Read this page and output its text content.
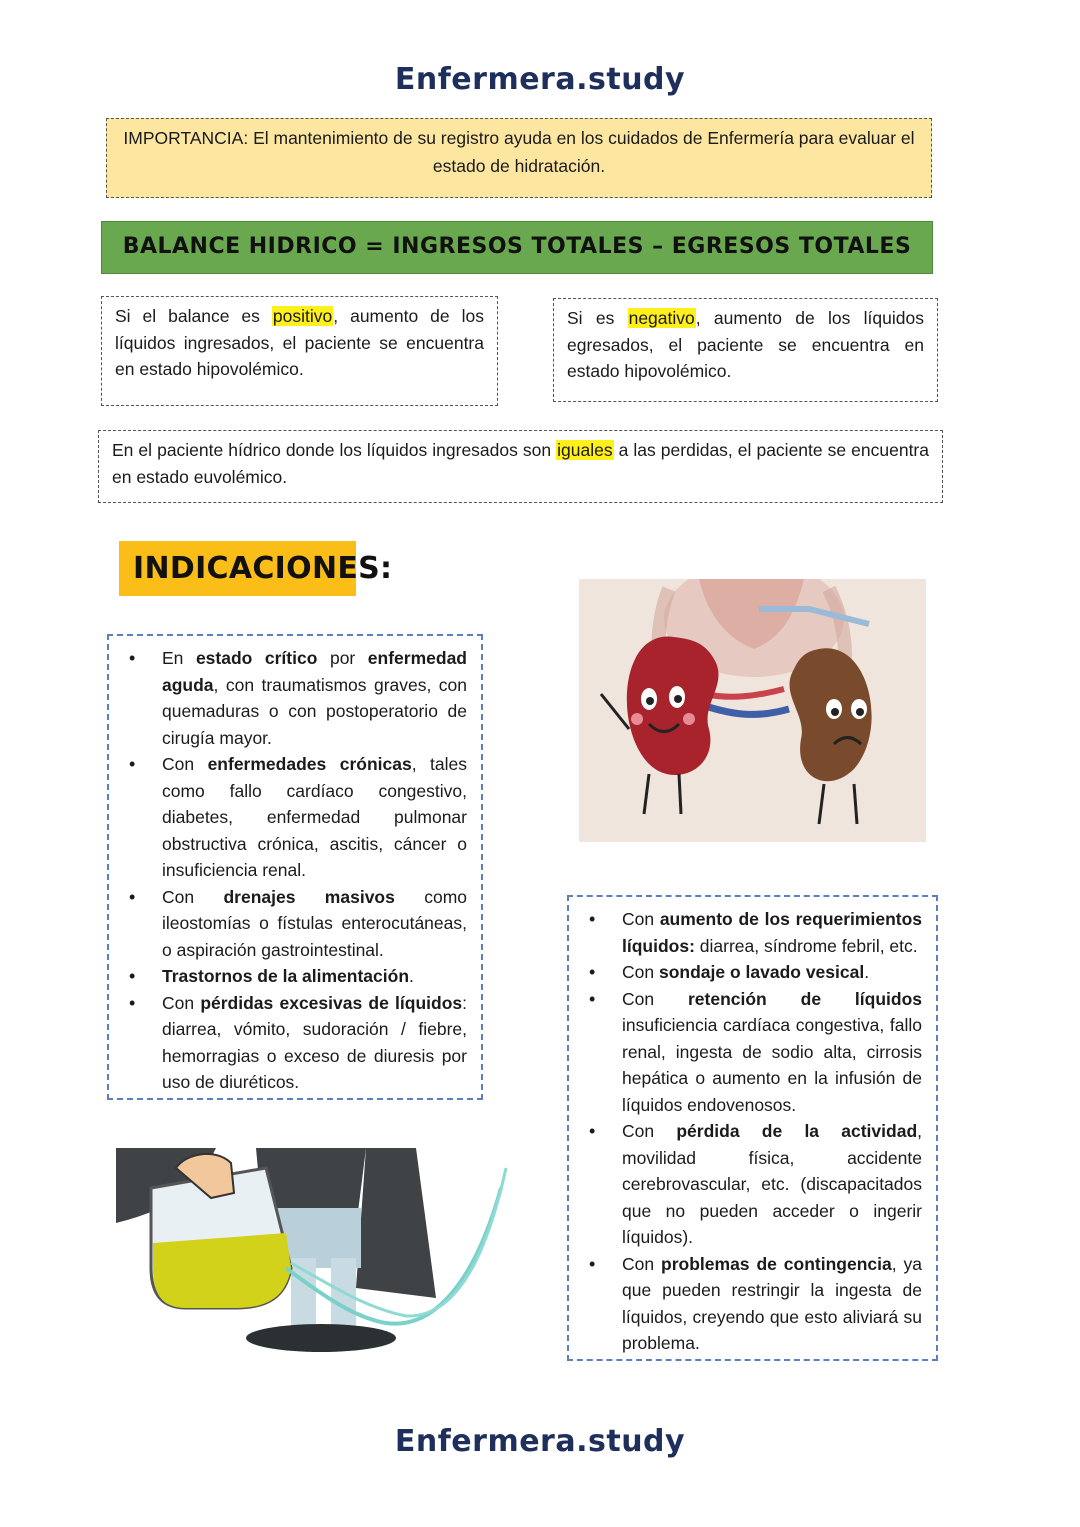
Enfermera.study
IMPORTANCIA: El mantenimiento de su registro ayuda en los cuidados de Enfermería para evaluar el estado de hidratación.
BALANCE HIDRICO = INGRESOS TOTALES – EGRESOS TOTALES
Si el balance es positivo, aumento de los líquidos ingresados, el paciente se encuentra en estado hipovolémico.
Si es negativo, aumento de los líquidos egresados, el paciente se encuentra en estado hipovolémico.
En el paciente hídrico donde los líquidos ingresados son iguales a las perdidas, el paciente se encuentra en estado euvolémico.
INDICACIONES:
• En estado crítico por enfermedad aguda, con traumatismos graves, con quemaduras o con postoperatorio de cirugía mayor.
• Con enfermedades crónicas, tales como fallo cardíaco congestivo, diabetes, enfermedad pulmonar obstructiva crónica, ascitis, cáncer o insuficiencia renal.
• Con drenajes masivos como ileostomías o fístulas enterocutáneas, o aspiración gastrointestinal.
• Trastornos de la alimentación.
• Con pérdidas excesivas de líquidos: diarrea, vómito, sudoración / fiebre, hemorragias o exceso de diuresis por uso de diuréticos.
• Con aumento de los requerimientos líquidos: diarrea, síndrome febril, etc.
• Con sondaje o lavado vesical.
• Con retención de líquidos insuficiencia cardíaca congestiva, fallo renal, ingesta de sodio alta, cirrosis hepática o aumento en la infusión de líquidos endovenosos.
• Con pérdida de la actividad, movilidad física, accidente cerebrovascular, etc. (discapacitados que no pueden acceder o ingerir líquidos).
• Con problemas de contingencia, ya que pueden restringir la ingesta de líquidos, creyendo que esto aliviará su problema.
Enfermera.study
